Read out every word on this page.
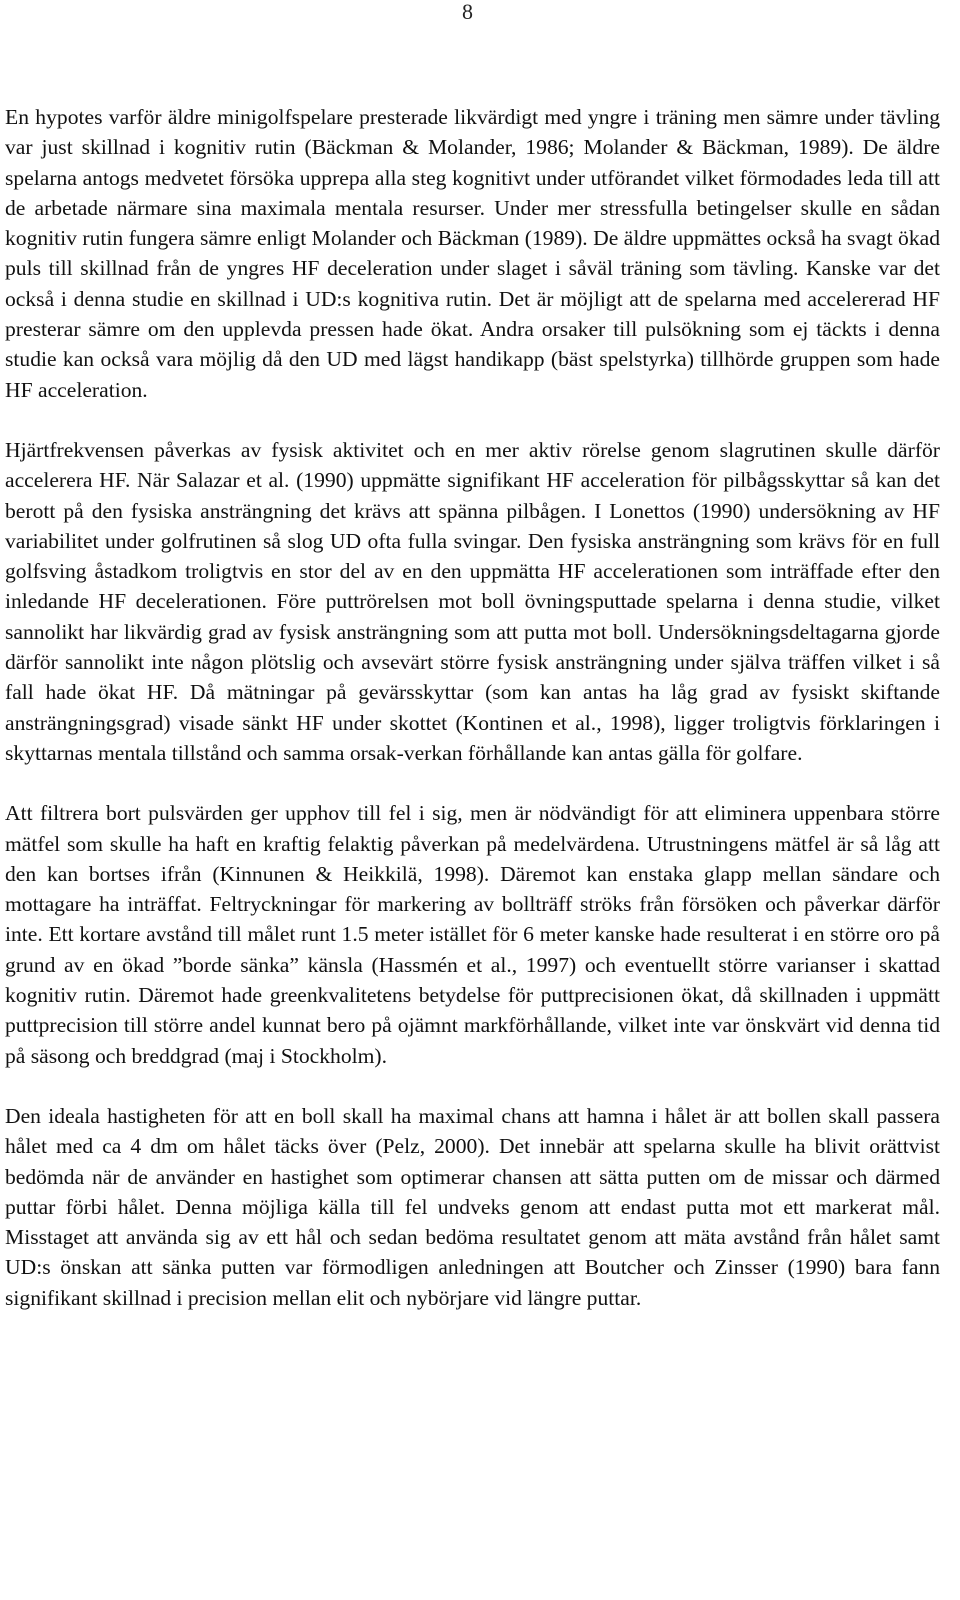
8

En hypotes varför äldre minigolfspelare presterade likvärdigt med yngre i träning men sämre under tävling var just skillnad i kognitiv rutin (Bäckman & Molander, 1986; Molander & Bäckman, 1989). De äldre spelarna antogs medvetet försöka upprepa alla steg kognitivt under utförandet vilket förmodades leda till att de arbetade närmare sina maximala mentala resurser. Under mer stressfulla betingelser skulle en sådan kognitiv rutin fungera sämre enligt Molander och Bäckman (1989). De äldre uppmättes också ha svagt ökad puls till skillnad från de yngres HF deceleration under slaget i såväl träning som tävling. Kanske var det också i denna studie en skillnad i UD:s kognitiva rutin. Det är möjligt att de spelarna med accelererad HF presterar sämre om den upplevda pressen hade ökat. Andra orsaker till pulsökning som ej täckts i denna studie kan också vara möjlig då den UD med lägst handikapp (bäst spelstyrka) tillhörde gruppen som hade HF acceleration.

Hjärtfrekvensen påverkas av fysisk aktivitet och en mer aktiv rörelse genom slagrutinen skulle därför accelerera HF. När Salazar et al. (1990) uppmätte signifikant HF acceleration för pilbågsskyttar så kan det berott på den fysiska ansträngning det krävs att spänna pilbågen. I Lonettos (1990) undersökning av HF variabilitet under golfrutinen så slog UD ofta fulla svingar. Den fysiska ansträngning som krävs för en full golfsving åstadkom troligtvis en stor del av en den uppmätta HF accelerationen som inträffade efter den inledande HF decelerationen. Före puttrörelsen mot boll övningsputtade spelarna i denna studie, vilket sannolikt har likvärdig grad av fysisk ansträngning som att putta mot boll. Undersökningsdeltagarna gjorde därför sannolikt inte någon plötslig och avsevärt större fysisk ansträngning under själva träffen vilket i så fall hade ökat HF. Då mätningar på gevärsskyttar (som kan antas ha låg grad av fysiskt skiftande ansträngningsgrad) visade sänkt HF under skottet (Kontinen et al., 1998), ligger troligtvis förklaringen i skyttarnas mentala tillstånd och samma orsak-verkan förhållande kan antas gälla för golfare.

Att filtrera bort pulsvärden ger upphov till fel i sig, men är nödvändigt för att eliminera uppenbara större mätfel som skulle ha haft en kraftig felaktig påverkan på medelvärdena. Utrustningens mätfel är så låg att den kan bortses ifrån (Kinnunen & Heikkilä, 1998). Däremot kan enstaka glapp mellan sändare och mottagare ha inträffat. Feltryckningar för markering av bollträff ströks från försöken och påverkar därför inte. Ett kortare avstånd till målet runt 1.5 meter istället för 6 meter kanske hade resulterat i en större oro på grund av en ökad ”borde sänka” känsla (Hassmén et al., 1997) och eventuellt större varianser i skattad kognitiv rutin. Däremot hade greenkvalitetens betydelse för puttprecisionen ökat, då skillnaden i uppmätt puttprecision till större andel kunnat bero på ojämnt markförhållande, vilket inte var önskvärt vid denna tid på säsong och breddgrad (maj i Stockholm).

Den ideala hastigheten för att en boll skall ha maximal chans att hamna i hålet är att bollen skall passera hålet med ca 4 dm om hålet täcks över (Pelz, 2000). Det innebär att spelarna skulle ha blivit orättvist bedömda när de använder en hastighet som optimerar chansen att sätta putten om de missar och därmed puttar förbi hålet. Denna möjliga källa till fel undveks genom att endast putta mot ett markerat mål. Misstaget att använda sig av ett hål och sedan bedöma resultatet genom att mäta avstånd från hålet samt UD:s önskan att sänka putten var förmodligen anledningen att Boutcher och Zinsser (1990) bara fann signifikant skillnad i precision mellan elit och nybörjare vid längre puttar.
